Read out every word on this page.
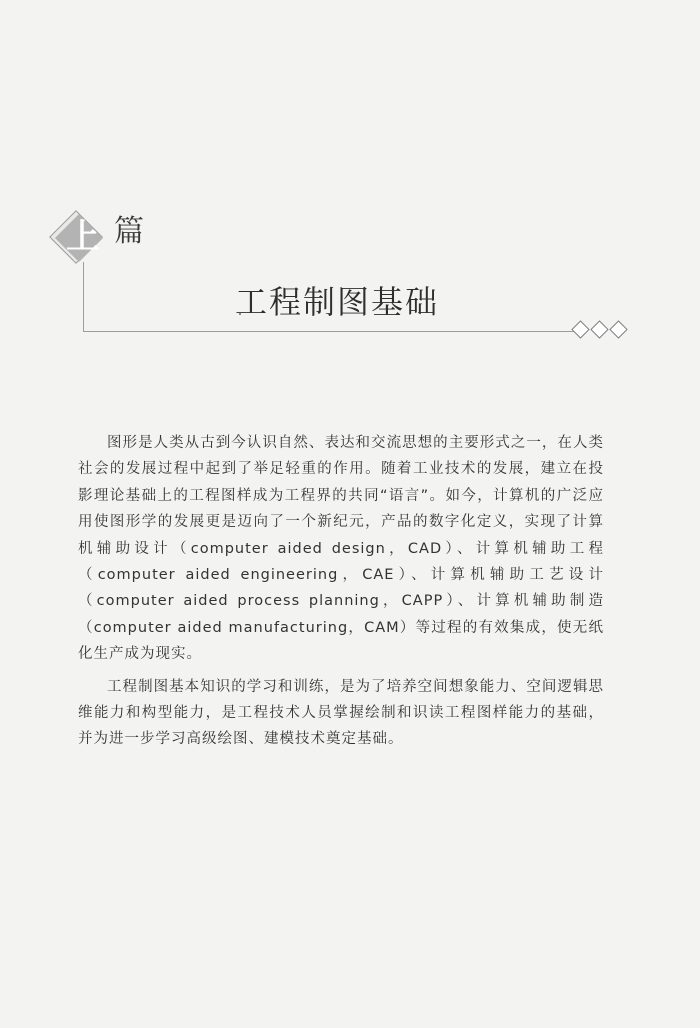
上 篇
工程制图基础

图形是人类从古到今认识自然、表达和交流思想的主要形式之一，在人类社会的发展过程中起到了举足轻重的作用。随着工业技术的发展，建立在投影理论基础上的工程图样成为工程界的共同“语言”。如今，计算机的广泛应用使图形学的发展更是迈向了一个新纪元，产品的数字化定义，实现了计算机辅助设计（computer aided design，CAD）、计算机辅助工程（computer aided engineering，CAE）、计算机辅助工艺设计（computer aided process planning，CAPP）、计算机辅助制造（computer aided manufacturing，CAM）等过程的有效集成，使无纸化生产成为现实。

工程制图基本知识的学习和训练，是为了培养空间想象能力、空间逻辑思维能力和构型能力，是工程技术人员掌握绘制和识读工程图样能力的基础，并为进一步学习高级绘图、建模技术奠定基础。
